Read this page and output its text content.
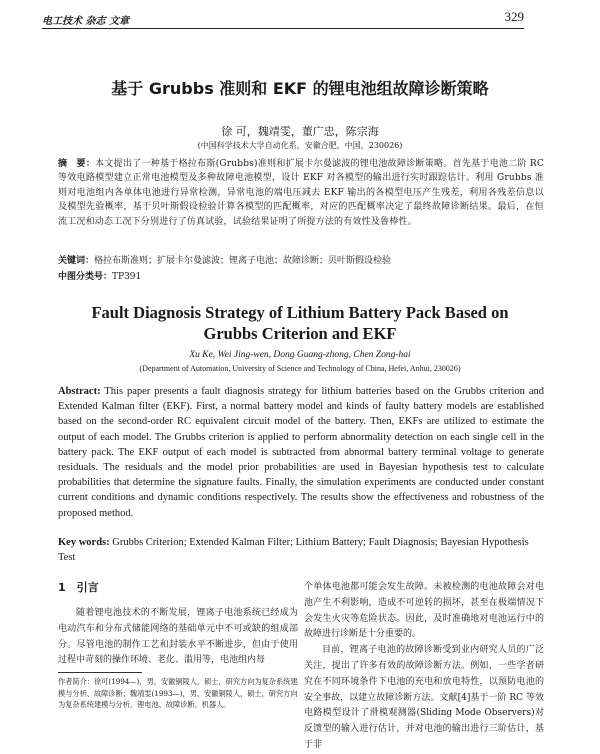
电工技术 杂志 文章	329
基于 Grubbs 准则和 EKF 的锂电池组故障诊断策略
徐 可，魏靖雯，董广忠，陈宗海
(中国科学技术大学自动化系，安徽合肥，中国，230026)
摘　要：本文提出了一种基于格拉布斯(Grubbs)准则和扩展卡尔曼滤波的锂电池故障诊断策略。首先基于电池二阶 RC 等效电路模型建立正常电池模型及多种故障电池模型，设计 EKF 对各模型的输出进行实时跟踪估计。利用 Grubbs 准则对电池组内各单体电池进行异常检测，异常电池的端电压减去 EKF 输出的各模型电压产生残差，利用各残差信息以及模型先验概率，基于贝叶斯假设检验计算各模型的匹配概率，对应的匹配概率决定了最终故障诊断结果。最后，在恒流工况和动态工况下分别进行了仿真试验，试验结果证明了所提方法的有效性及鲁棒性。
关键词：格拉布斯准则；扩展卡尔曼滤波；锂离子电池；故障诊断；贝叶斯假设检验
中图分类号：TP391
Fault Diagnosis Strategy of Lithium Battery Pack Based on
Grubbs Criterion and EKF
Xu Ke, Wei Jing-wen, Dong Guang-zhong, Chen Zong-hai
(Department of Automation, University of Science and Technology of China, Hefei, Anhui, 230026)
Abstract: This paper presents a fault diagnosis strategy for lithium batteries based on the Grubbs criterion and Extended Kalman filter (EKF). First, a normal battery model and kinds of faulty battery models are established based on the second-order RC equivalent circuit model of the battery. Then, EKFs are utilized to estimate the output of each model. The Grubbs criterion is applied to perform abnormality detection on each single cell in the battery pack. The EKF output of each model is subtracted from abnormal battery terminal voltage to generate residuals. The residuals and the model prior probabilities are used in Bayesian hypothesis test to calculate probabilities that determine the signature faults. Finally, the simulation experiments are conducted under constant current conditions and dynamic conditions respectively. The results show the effectiveness and robustness of the proposed method.
Key words: Grubbs Criterion; Extended Kalman Filter; Lithium Battery; Fault Diagnosis; Bayesian Hypothesis Test
1　引言

随着锂电池技术的不断发展，锂离子电池系统已经成为电动汽车和分布式储能网络的基础单元中不可或缺的组成部分。尽管电池的制作工艺和封装水平不断进步，但由于使用过程中苛刻的操作环境、老化、滥用等，电池组内每

个单体电池都可能会发生故障。未被检测的电池故障会对电池产生不利影响，造成不可逆转的损坏，甚至在极端情况下会发生火灾等危险状态。因此，及时准确地对电池运行中的故障进行诊断是十分重要的。

目前，锂离子电池的故障诊断受到业内研究人员的广泛关注，提出了许多有效的故障诊断方法。例如，一些学者研究在不同环境条件下电池的充电和放电特性，以预防电池的安全事故，以建立故障诊断方法。文献[4]基于一阶 RC 等效电路模型设计了滑模观测器(Sliding Mode Observers)对反馈型的输入进行估计，并对电池的输出进行三阶估计，基于非

作者简介：徐可(1994—)，男，安徽铜陵人，硕士，研究方向为复杂系统建模与分析、故障诊断；魏靖雯(1993—)，男，安徽铜陵人，硕士，研究方向为复杂系统建模与分析、锂电池、故障诊断、机器人。
